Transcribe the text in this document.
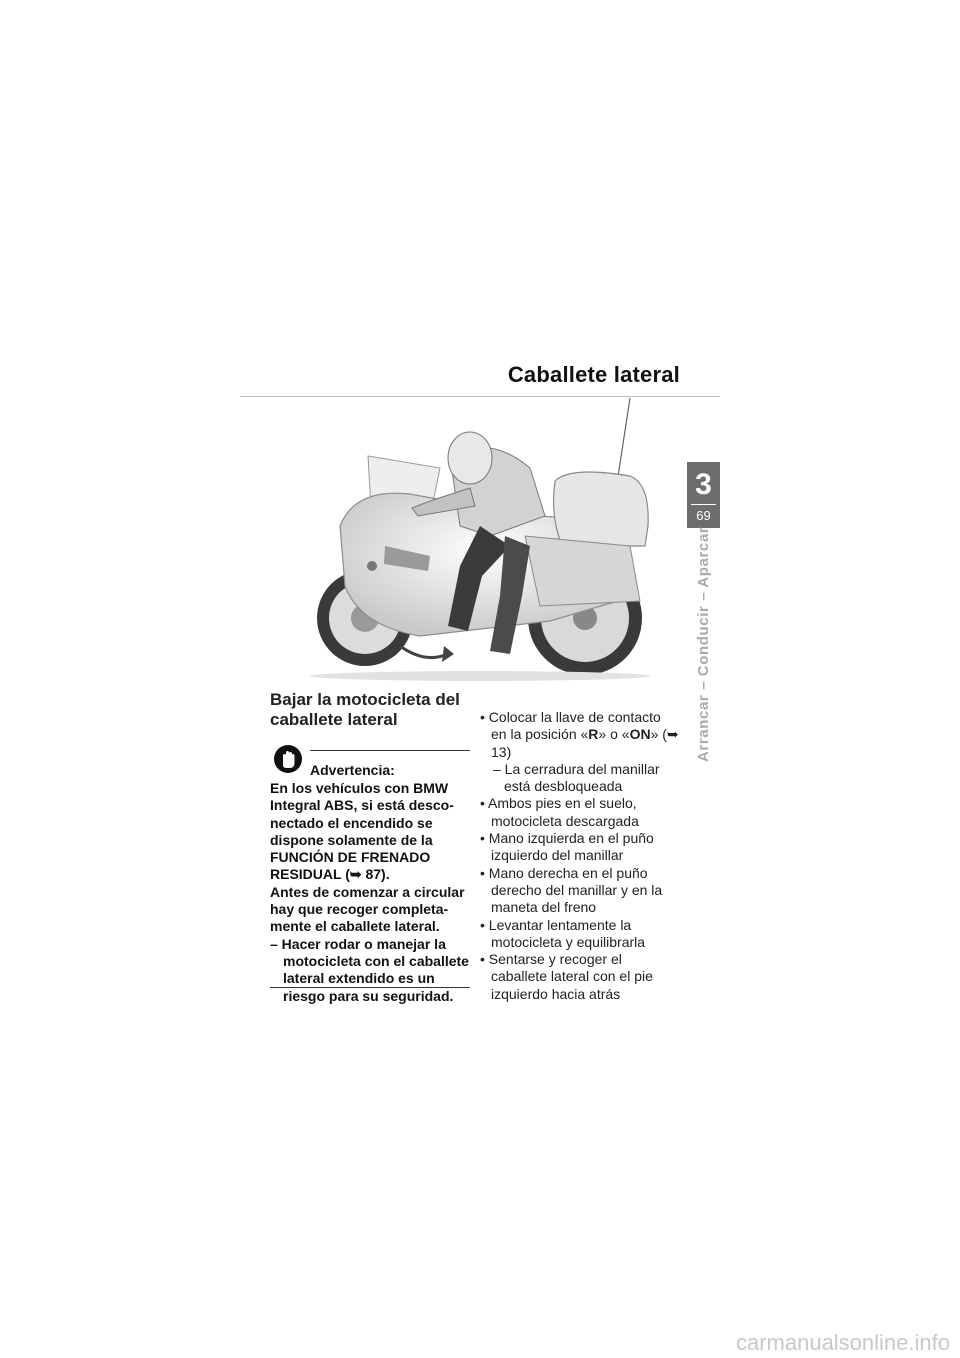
Caballete lateral
3
69
Arrancar – Conducir – Aparcar
Bajar la motocicleta del
caballete lateral
Advertencia:

En los vehículos con BMW Integral ABS, si está desco-nectado el encendido se dispone solamente de la FUNCIÓN DE FRENADO RESIDUAL (➥ 87).

Antes de comenzar a circular hay que recoger completa-mente el caballete lateral.

– Hacer rodar o manejar la motocicleta con el caballete lateral extendido es un riesgo para su seguridad.

• Colocar la llave de contacto en la posición «R» o «ON» (➥ 13)

– La cerradura del manillar está desbloqueada

• Ambos pies en el suelo, motocicleta descargada

• Mano izquierda en el puño izquierdo del manillar

• Mano derecha en el puño derecho del manillar y en la maneta del freno

• Levantar lentamente la motocicleta y equilibrarla

• Sentarse y recoger el caballete lateral con el pie izquierdo hacia atrás

carmanualsonline.info
